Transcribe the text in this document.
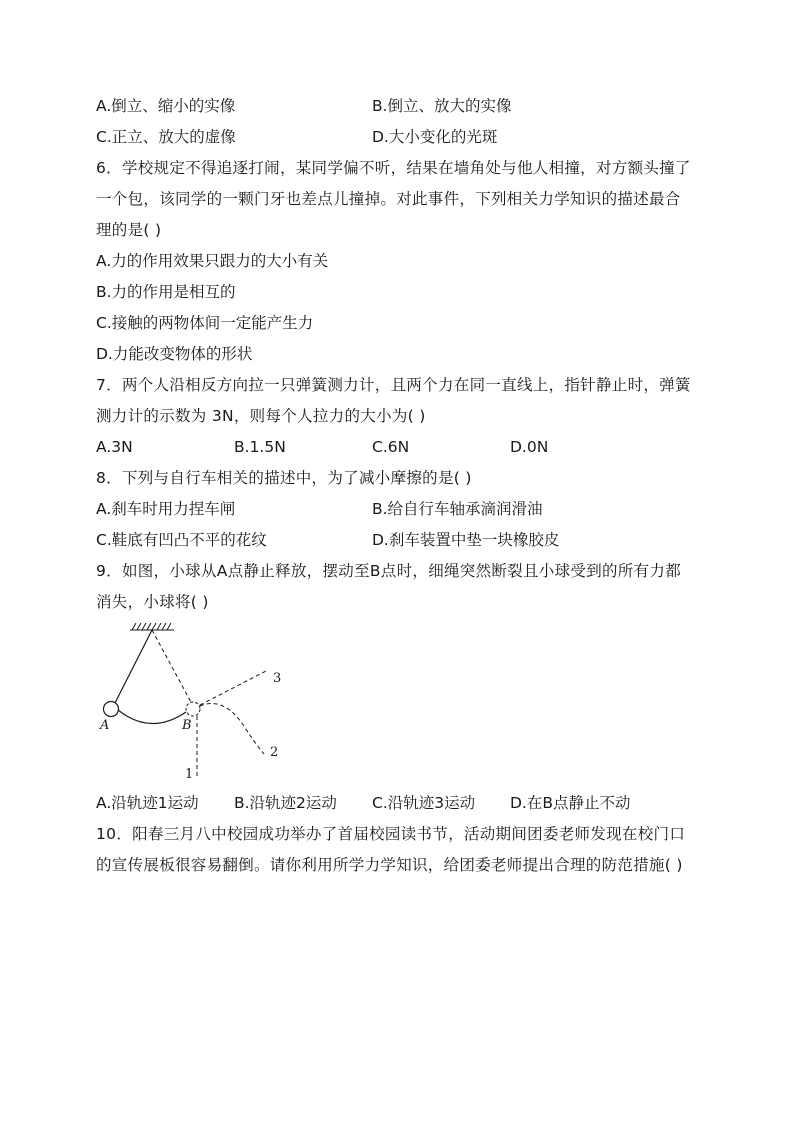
A.倒立、缩小的实像	B.倒立、放大的实像
C.正立、放大的虚像	D.大小变化的光斑
6．学校规定不得追逐打闹，某同学偏不听，结果在墙角处与他人相撞，对方额头撞了
一个包，该同学的一颗门牙也差点儿撞掉。对此事件，下列相关力学知识的描述最合
理的是( )
A.力的作用效果只跟力的大小有关
B.力的作用是相互的
C.接触的两物体间一定能产生力
D.力能改变物体的形状
7．两个人沿相反方向拉一只弹簧测力计，且两个力在同一直线上，指针静止时，弹簧
测力计的示数为 3N，则每个人拉力的大小为( )
A.3N	B.1.5N	C.6N	D.0N
8．下列与自行车相关的描述中，为了减小摩擦的是( )
A.刹车时用力捏车闸	B.给自行车轴承滴润滑油
C.鞋底有凹凸不平的花纹	D.刹车装置中垫一块橡胶皮
9．如图，小球从A点静止释放，摆动至B点时，细绳突然断裂且小球受到的所有力都
消失，小球将( )
A	B
1
2
3
A.沿轨迹1运动 B.沿轨迹2运动 C.沿轨迹3运动 D.在B点静止不动
10．阳春三月八中校园成功举办了首届校园读书节，活动期间团委老师发现在校门口
的宣传展板很容易翻倒。请你利用所学力学知识，给团委老师提出合理的防范措施( )
